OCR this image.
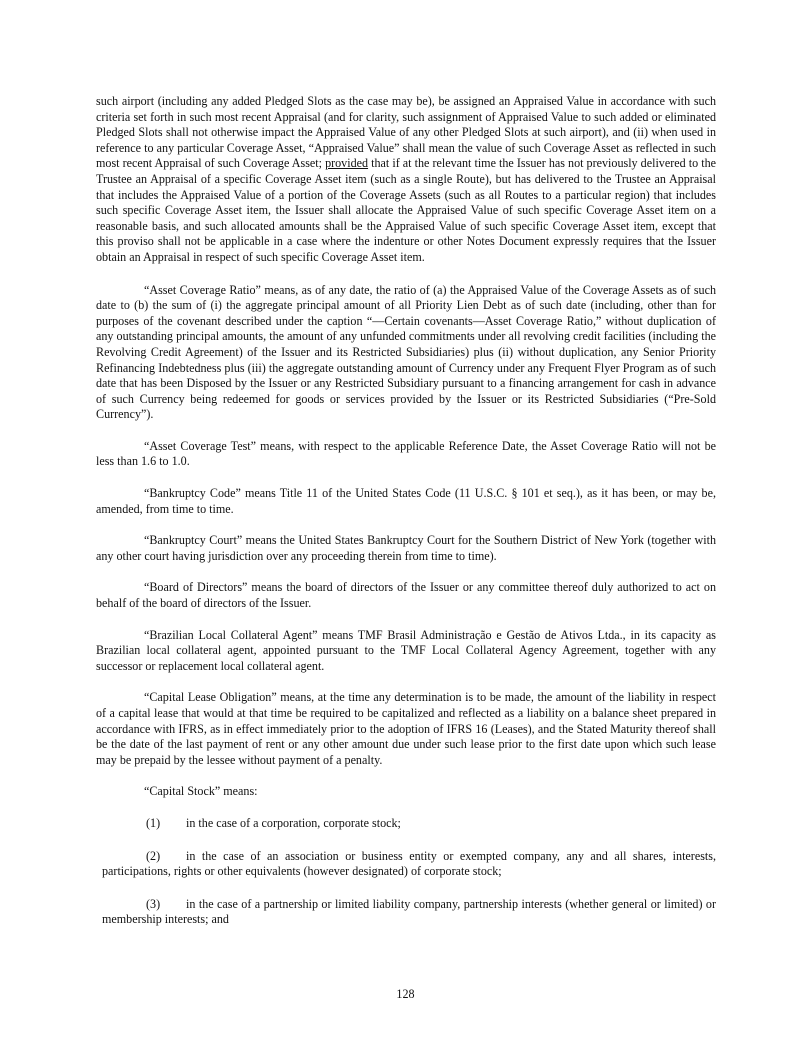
such airport (including any added Pledged Slots as the case may be), be assigned an Appraised Value in accordance with such criteria set forth in such most recent Appraisal (and for clarity, such assignment of Appraised Value to such added or eliminated Pledged Slots shall not otherwise impact the Appraised Value of any other Pledged Slots at such airport), and (ii) when used in reference to any particular Coverage Asset, “Appraised Value” shall mean the value of such Coverage Asset as reflected in such most recent Appraisal of such Coverage Asset; provided that if at the relevant time the Issuer has not previously delivered to the Trustee an Appraisal of a specific Coverage Asset item (such as a single Route), but has delivered to the Trustee an Appraisal that includes the Appraised Value of a portion of the Coverage Assets (such as all Routes to a particular region) that includes such specific Coverage Asset item, the Issuer shall allocate the Appraised Value of such specific Coverage Asset item on a reasonable basis, and such allocated amounts shall be the Appraised Value of such specific Coverage Asset item, except that this proviso shall not be applicable in a case where the indenture or other Notes Document expressly requires that the Issuer obtain an Appraisal in respect of such specific Coverage Asset item.

“Asset Coverage Ratio” means, as of any date, the ratio of (a) the Appraised Value of the Coverage Assets as of such date to (b) the sum of (i) the aggregate principal amount of all Priority Lien Debt as of such date (including, other than for purposes of the covenant described under the caption “—Certain covenants—Asset Coverage Ratio,” without duplication of any outstanding principal amounts, the amount of any unfunded commitments under all revolving credit facilities (including the Revolving Credit Agreement) of the Issuer and its Restricted Subsidiaries) plus (ii) without duplication, any Senior Priority Refinancing Indebtedness plus (iii) the aggregate outstanding amount of Currency under any Frequent Flyer Program as of such date that has been Disposed by the Issuer or any Restricted Subsidiary pursuant to a financing arrangement for cash in advance of such Currency being redeemed for goods or services provided by the Issuer or its Restricted Subsidiaries (“Pre-Sold Currency”).

“Asset Coverage Test” means, with respect to the applicable Reference Date, the Asset Coverage Ratio will not be less than 1.6 to 1.0.

“Bankruptcy Code” means Title 11 of the United States Code (11 U.S.C. § 101 et seq.), as it has been, or may be, amended, from time to time.

“Bankruptcy Court” means the United States Bankruptcy Court for the Southern District of New York (together with any other court having jurisdiction over any proceeding therein from time to time).

“Board of Directors” means the board of directors of the Issuer or any committee thereof duly authorized to act on behalf of the board of directors of the Issuer.

“Brazilian Local Collateral Agent” means TMF Brasil Administração e Gestão de Ativos Ltda., in its capacity as Brazilian local collateral agent, appointed pursuant to the TMF Local Collateral Agency Agreement, together with any successor or replacement local collateral agent.

“Capital Lease Obligation” means, at the time any determination is to be made, the amount of the liability in respect of a capital lease that would at that time be required to be capitalized and reflected as a liability on a balance sheet prepared in accordance with IFRS, as in effect immediately prior to the adoption of IFRS 16 (Leases), and the Stated Maturity thereof shall be the date of the last payment of rent or any other amount due under such lease prior to the first date upon which such lease may be prepaid by the lessee without payment of a penalty.

“Capital Stock” means:

(1) in the case of a corporation, corporate stock;

(2) in the case of an association or business entity or exempted company, any and all shares, interests, participations, rights or other equivalents (however designated) of corporate stock;

(3) in the case of a partnership or limited liability company, partnership interests (whether general or limited) or membership interests; and

128
